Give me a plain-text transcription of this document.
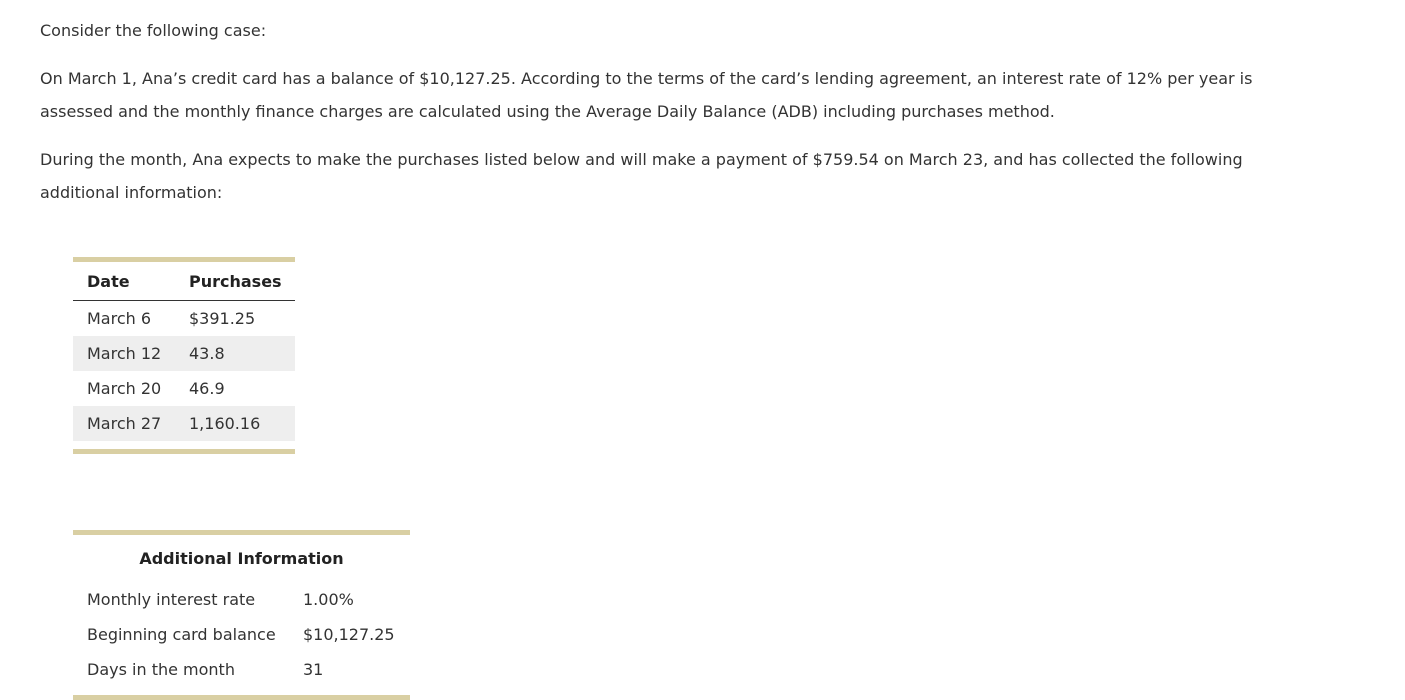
Consider the following case:

On March 1, Ana’s credit card has a balance of $10,127.25. According to the terms of the card’s lending agreement, an interest rate of 12% per year is assessed and the monthly finance charges are calculated using the Average Daily Balance (ADB) including purchases method.

During the month, Ana expects to make the purchases listed below and will make a payment of $759.54 on March 23, and has collected the following additional information:

Date	Purchases
March 6	$391.25
March 12	43.8
March 20	46.9
March 27	1,160.16

Additional Information
Monthly interest rate	1.00%
Beginning card balance	$10,127.25
Days in the month	31
